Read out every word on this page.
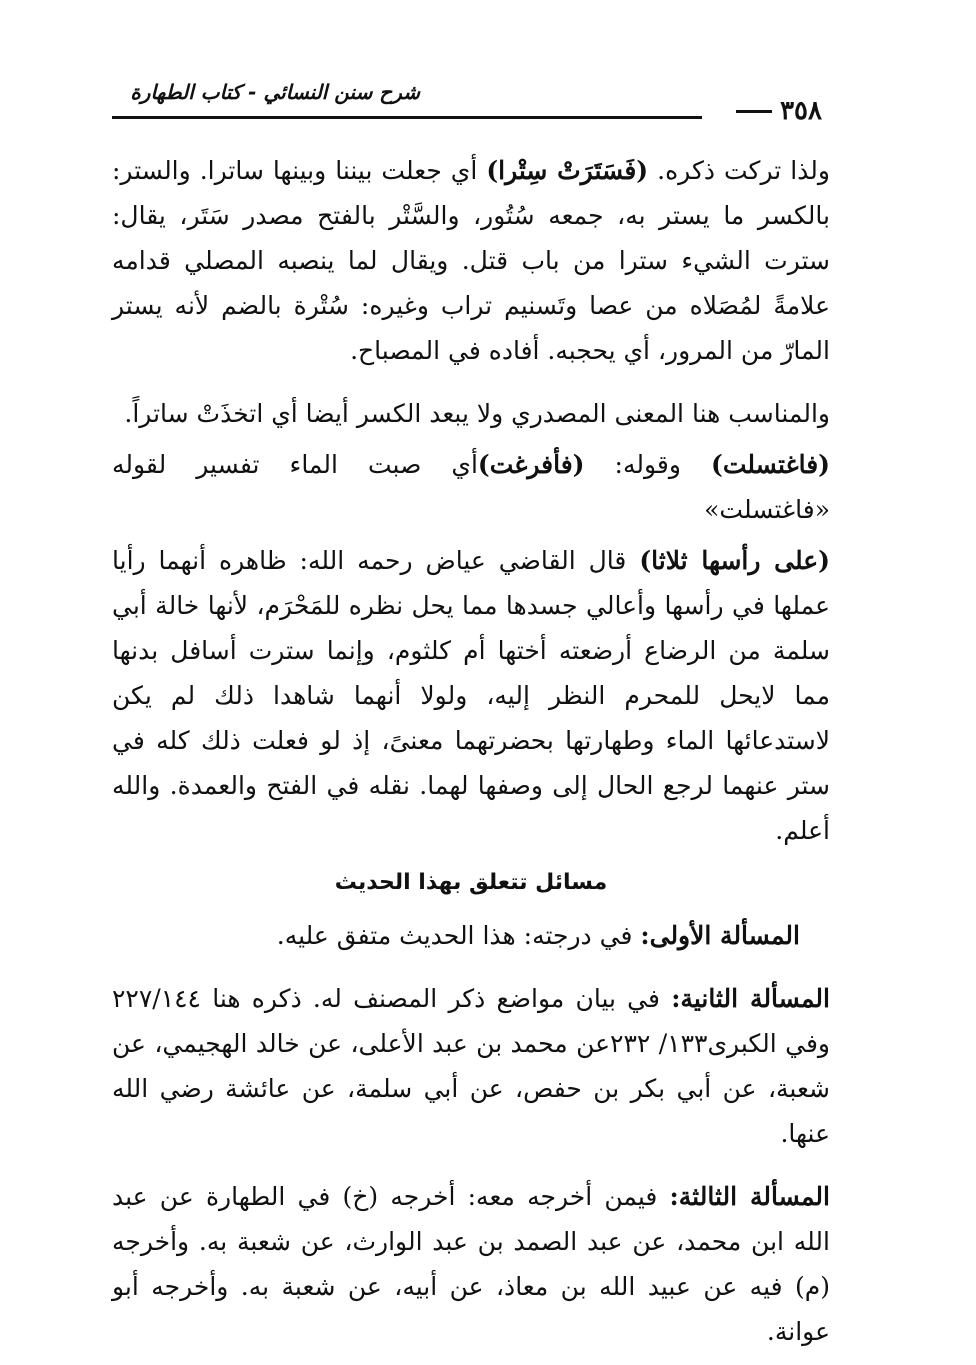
شرح سنن النسائي - كتاب الطهارة
٣٥٨

ولذا تركت ذكره. (فَسَتَرَتْ سِتْرا) أي جعلت بيننا وبينها ساترا. والستر: بالكسر ما يستر به، جمعه سُتُور، والسَّتْر بالفتح مصدر سَتَر، يقال: سترت الشيء سترا من باب قتل. ويقال لما ينصبه المصلي قدامه علامةً لمُصَلاه من عصا وتَسنيم تراب وغيره: سُتْرة بالضم لأنه يستر المارّ من المرور، أي يحجبه. أفاده في المصباح.

والمناسب هنا المعنى المصدري ولا يبعد الكسر أيضا أي اتخذَتْ ساتراً.

(فاغتسلت) وقوله: (فأفرغت)أي صبت الماء تفسير لقوله «فاغتسلت»

(على رأسها ثلاثا) قال القاضي عياض رحمه الله: ظاهره أنهما رأيا عملها في رأسها وأعالي جسدها مما يحل نظره للمَحْرَم، لأنها خالة أبي سلمة من الرضاع أرضعته أختها أم كلثوم، وإنما سترت أسافل بدنها مما لايحل للمحرم النظر إليه، ولولا أنهما شاهدا ذلك لم يكن لاستدعائها الماء وطهارتها بحضرتهما معنىً، إذ لو فعلت ذلك كله في ستر عنهما لرجع الحال إلى وصفها لهما. نقله في الفتح والعمدة. والله أعلم.

مسائل تتعلق بهذا الحديث

المسألة الأولى: في درجته: هذا الحديث متفق عليه.

المسألة الثانية: في بيان مواضع ذكر المصنف له. ذكره هنا ٢٢٧/١٤٤ وفي الكبرى١٣٣/ ٢٣٢عن محمد بن عبد الأعلى، عن خالد الهجيمي، عن شعبة، عن أبي بكر بن حفص، عن أبي سلمة، عن عائشة رضي الله عنها.

المسألة الثالثة: فيمن أخرجه معه: أخرجه (خ) في الطهارة عن عبد الله ابن محمد، عن عبد الصمد بن عبد الوارث، عن شعبة به. وأخرجه (م) فيه عن عبيد الله بن معاذ، عن أبيه، عن شعبة به. وأخرجه أبو عوانة.
